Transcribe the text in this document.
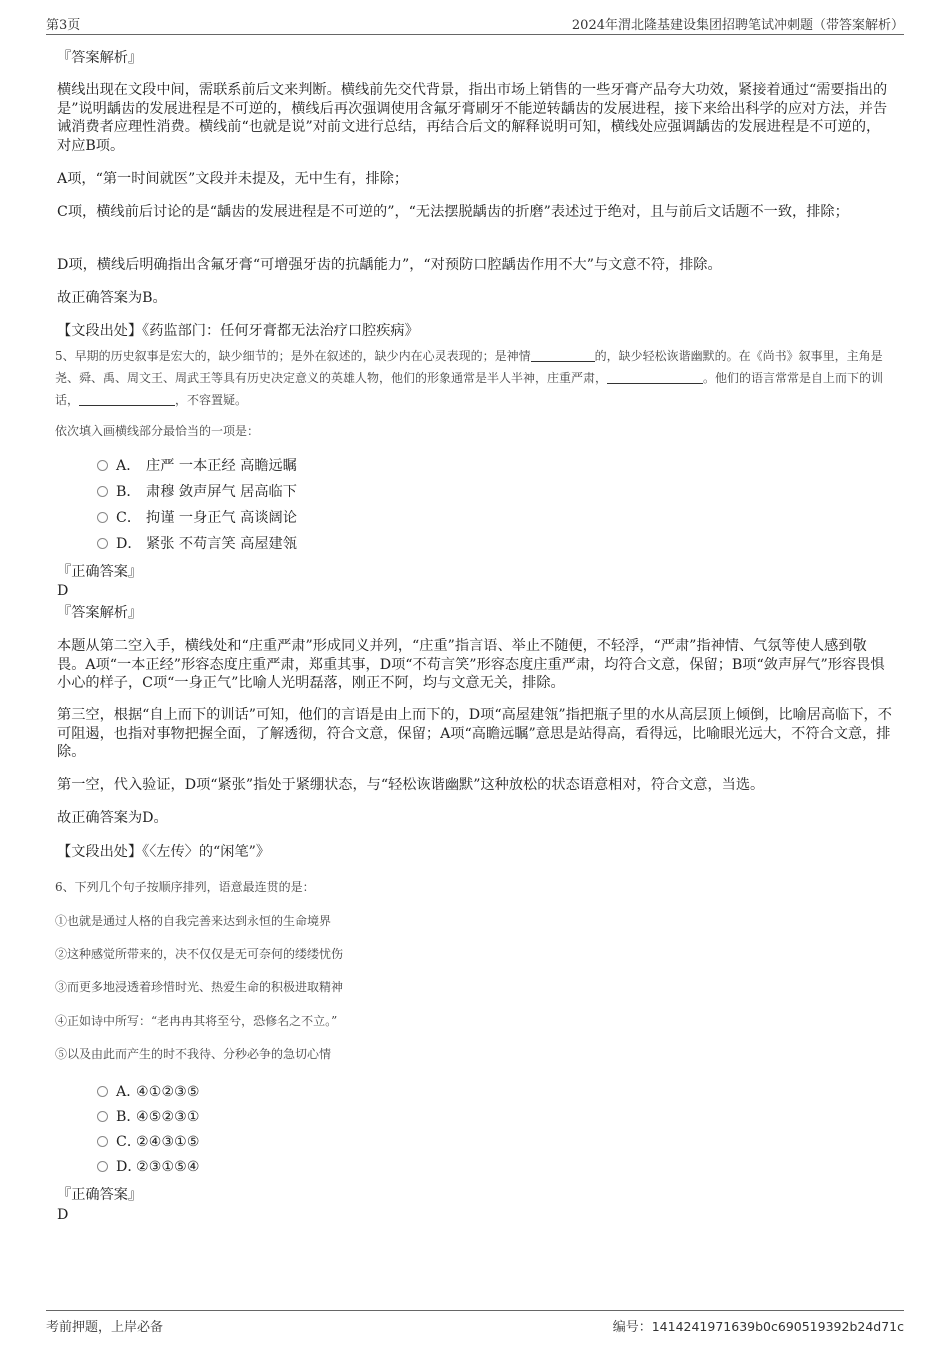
第3页	2024年渭北隆基建设集团招聘笔试冲刺题（带答案解析）
『答案解析』
横线出现在文段中间，需联系前后文来判断。横线前先交代背景，指出市场上销售的一些牙膏产品夸大功效，紧接着通过“需要指出的是”说明龋齿的发展进程是不可逆的，横线后再次强调使用含氟牙膏刷牙不能逆转龋齿的发展进程，接下来给出科学的应对方法，并告诫消费者应理性消费。横线前“也就是说”对前文进行总结，再结合后文的解释说明可知，横线处应强调龋齿的发展进程是不可逆的，对应B项。
A项，“第一时间就医”文段并未提及，无中生有，排除；
C项，横线前后讨论的是“龋齿的发展进程是不可逆的”，“无法摆脱龋齿的折磨”表述过于绝对，且与前后文话题不一致，排除；
D项，横线后明确指出含氟牙膏“可增强牙齿的抗龋能力”，“对预防口腔龋齿作用不大”与文意不符，排除。
故正确答案为B。
【文段出处】《药监部门：任何牙膏都无法治疗口腔疾病》
5、早期的历史叙事是宏大的，缺少细节的；是外在叙述的，缺少内在心灵表现的；是神情	的，缺少轻松诙谐幽默的。在《尚书》叙事里，主角是尧、舜、禹、周文王、周武王等具有历史决定意义的英雄人物，他们的形象通常是半人半神，庄重严肃，	。他们的语言常常是自上而下的训话，	，不容置疑。
依次填入画横线部分最恰当的一项是：
A． 庄严 一本正经 高瞻远瞩
B． 肃穆 敛声屏气 居高临下
C． 拘谨 一身正气 高谈阔论
D． 紧张 不苟言笑 高屋建瓴
『正确答案』
D
『答案解析』
本题从第二空入手，横线处和“庄重严肃”形成同义并列，“庄重”指言语、举止不随便，不轻浮，“严肃”指神情、气氛等使人感到敬畏。A项“一本正经”形容态度庄重严肃，郑重其事，D项“不苟言笑”形容态度庄重严肃，均符合文意，保留；B项“敛声屏气”形容畏惧小心的样子，C项“一身正气”比喻人光明磊落，刚正不阿，均与文意无关，排除。
第三空，根据“自上而下的训话”可知，他们的言语是由上而下的，D项“高屋建瓴”指把瓶子里的水从高层顶上倾倒，比喻居高临下，不可阻遏，也指对事物把握全面，了解透彻，符合文意，保留；A项“高瞻远瞩”意思是站得高，看得远，比喻眼光远大，不符合文意，排除。
第一空，代入验证，D项“紧张”指处于紧绷状态，与“轻松诙谐幽默”这种放松的状态语意相对，符合文意，当选。
故正确答案为D。
【文段出处】《〈左传〉的“闲笔”》
6、下列几个句子按顺序排列，语意最连贯的是：
①也就是通过人格的自我完善来达到永恒的生命境界
②这种感觉所带来的，决不仅仅是无可奈何的缕缕忧伤
③而更多地浸透着珍惜时光、热爱生命的积极进取精神
④正如诗中所写：“老冉冉其将至兮，恐修名之不立。”
⑤以及由此而产生的时不我待、分秒必争的急切心情
A．④①②③⑤
B．④⑤②③①
C．②④③①⑤
D．②③①⑤④
『正确答案』
D
考前押题，上岸必备	编号：1414241971639b0c690519392b24d71c
